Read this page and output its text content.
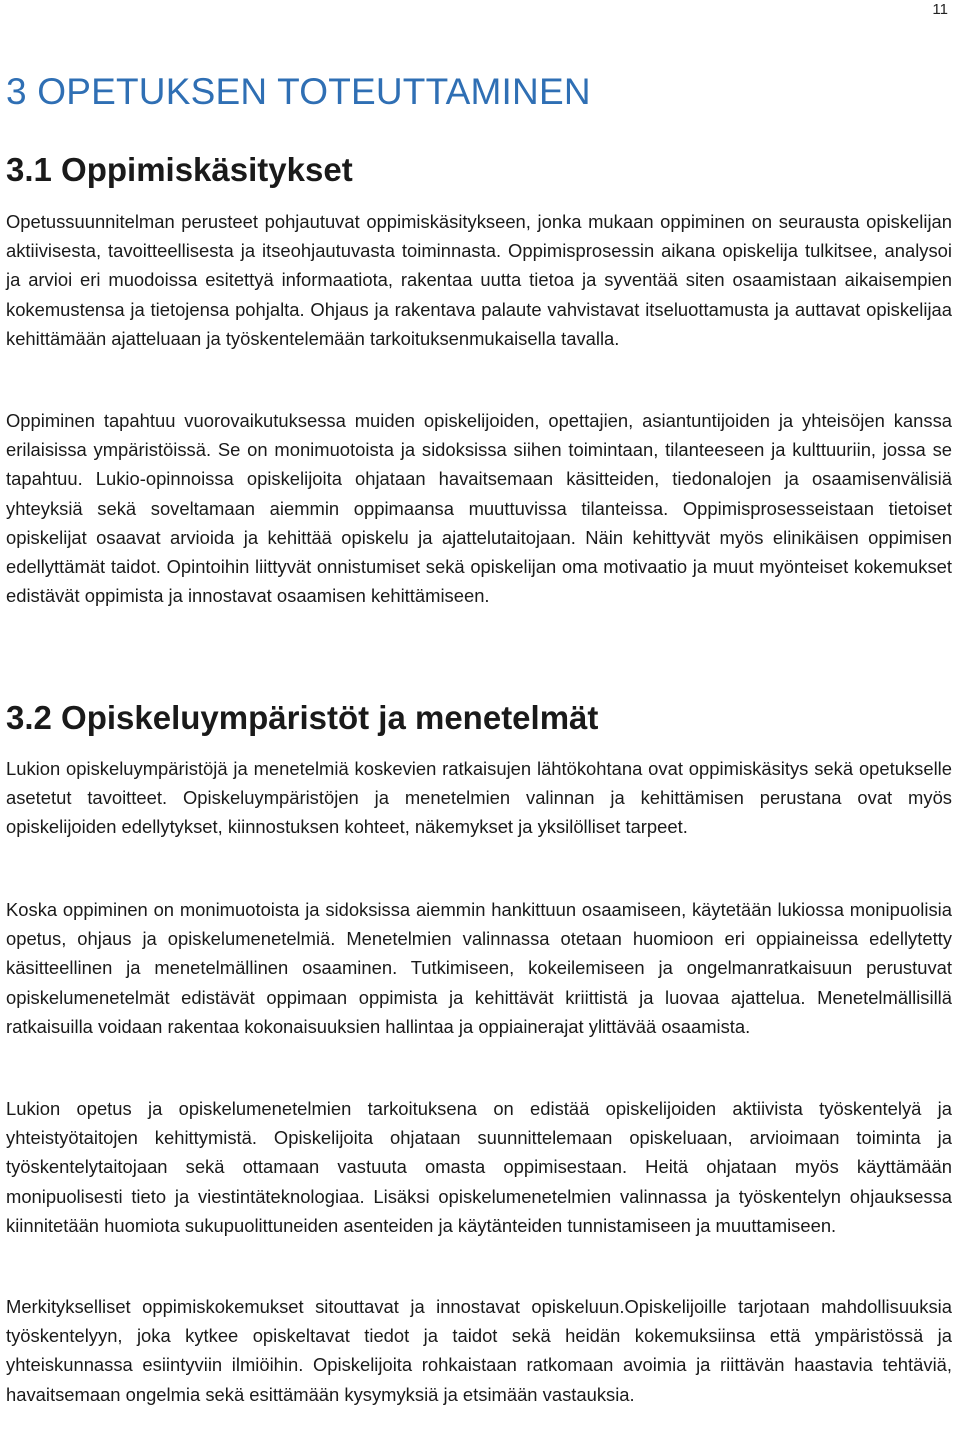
11
3 OPETUKSEN TOTEUTTAMINEN
3.1 Oppimiskäsitykset

Opetussuunnitelman perusteet pohjautuvat oppimiskäsitykseen, jonka mukaan oppiminen on seurausta opiskelijan aktiivisesta, tavoitteellisesta ja itseohjautuvasta toiminnasta. Oppimisprosessin aikana opiskelija tulkitsee, analysoi ja arvioi eri muodoissa esitettyä informaatiota, rakentaa uutta tietoa ja syventää siten osaamistaan aikaisempien kokemustensa ja tietojensa pohjalta. Ohjaus ja rakentava palaute vahvistavat itseluottamusta ja auttavat opiskelijaa kehittämään ajatteluaan ja työskentelemään tarkoituksenmukaisella tavalla.

Oppiminen tapahtuu vuorovaikutuksessa muiden opiskelijoiden, opettajien, asiantuntijoiden ja yhteisöjen kanssa erilaisissa ympäristöissä. Se on monimuotoista ja sidoksissa siihen toimintaan, tilanteeseen ja kulttuuriin, jossa se tapahtuu. Lukio-opinnoissa opiskelijoita ohjataan havaitsemaan käsitteiden, tiedonalojen ja osaamisenvälisiä yhteyksiä sekä soveltamaan aiemmin oppimaansa muuttuvissa tilanteissa. Oppimisprosesseistaan tietoiset opiskelijat osaavat arvioida ja kehittää opiskelu ja ajattelutaitojaan. Näin kehittyvät myös elinikäisen oppimisen edellyttämät taidot. Opintoihin liittyvät onnistumiset sekä opiskelijan oma motivaatio ja muut myönteiset kokemukset edistävät oppimista ja innostavat osaamisen kehittämiseen.

3.2 Opiskeluympäristöt ja menetelmät

Lukion opiskeluympäristöjä ja menetelmiä koskevien ratkaisujen lähtökohtana ovat oppimiskäsitys sekä opetukselle asetetut tavoitteet. Opiskeluympäristöjen ja menetelmien valinnan ja kehittämisen perustana ovat myös opiskelijoiden edellytykset, kiinnostuksen kohteet, näkemykset ja yksilölliset tarpeet.

Koska oppiminen on monimuotoista ja sidoksissa aiemmin hankittuun osaamiseen, käytetään lukiossa monipuolisia opetus, ohjaus ja opiskelumenetelmiä. Menetelmien valinnassa otetaan huomioon eri oppiaineissa edellytetty käsitteellinen ja menetelmällinen osaaminen. Tutkimiseen, kokeilemiseen ja ongelmanratkaisuun perustuvat opiskelumenetelmät edistävät oppimaan oppimista ja kehittävät kriittistä ja luovaa ajattelua. Menetelmällisillä ratkaisuilla voidaan rakentaa kokonaisuuksien hallintaa ja oppiainerajat ylittävää osaamista.

Lukion opetus ja opiskelumenetelmien tarkoituksena on edistää opiskelijoiden aktiivista työskentelyä ja yhteistyötaitojen kehittymistä. Opiskelijoita ohjataan suunnittelemaan opiskeluaan, arvioimaan toiminta ja työskentelytaitojaan sekä ottamaan vastuuta omasta oppimisestaan. Heitä ohjataan myös käyttämään monipuolisesti tieto ja viestintäteknologiaa. Lisäksi opiskelumenetelmien valinnassa ja työskentelyn ohjauksessa kiinnitetään huomiota sukupuolittuneiden asenteiden ja käytänteiden tunnistamiseen ja muuttamiseen.

Merkitykselliset oppimiskokemukset sitouttavat ja innostavat opiskeluun.Opiskelijoille tarjotaan mahdollisuuksia työskentelyyn, joka kytkee opiskeltavat tiedot ja taidot sekä heidän kokemuksiinsa että ympäristössä ja yhteiskunnassa esiintyviin ilmiöihin. Opiskelijoita rohkaistaan ratkomaan avoimia ja riittävän haastavia tehtäviä, havaitsemaan ongelmia sekä esittämään kysymyksiä ja etsimään vastauksia.
